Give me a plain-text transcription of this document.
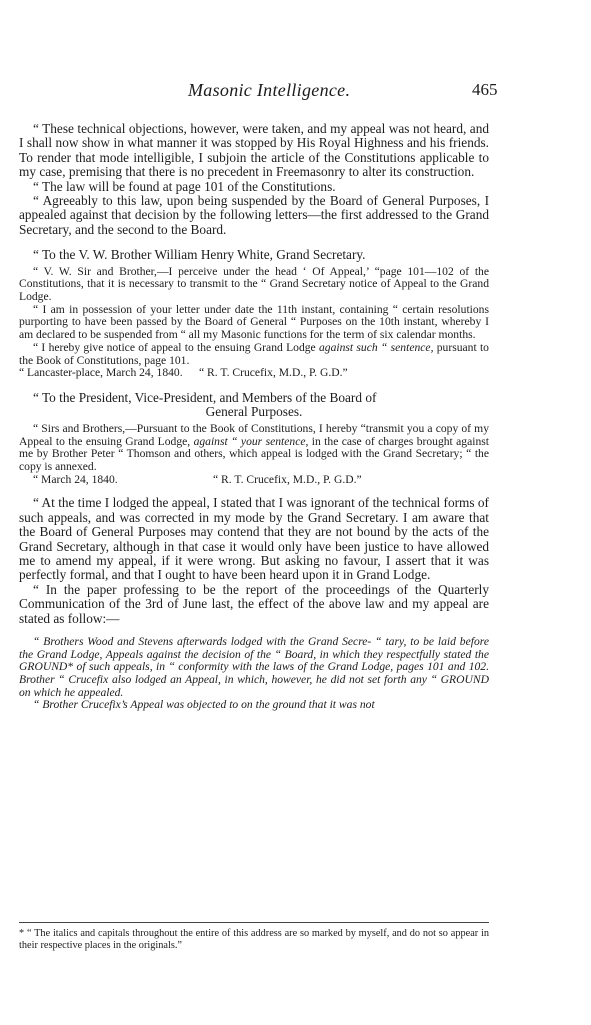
Masonic Intelligence.	465

“ These technical objections, however, were taken, and my appeal was not heard, and I shall now show in what manner it was stopped by His Royal Highness and his friends. To render that mode intelligible, I subjoin the article of the Constitutions applicable to my case, premising that there is no precedent in Freemasonry to alter its construction.

“ The law will be found at page 101 of the Constitutions.

“ Agreeably to this law, upon being suspended by the Board of General Purposes, I appealed against that decision by the following letters—the first addressed to the Grand Secretary, and the second to the Board.

“ To the V. W. Brother William Henry White, Grand Secretary.

“ V. W. Sir and Brother,—I perceive under the head ‘ Of Appeal,’ “page 101—102 of the Constitutions, that it is necessary to transmit to the “ Grand Secretary notice of Appeal to the Grand Lodge.

“ I am in possession of your letter under date the 11th instant, containing “ certain resolutions purporting to have been passed by the Board of General “ Purposes on the 10th instant, whereby I am declared to be suspended from “ all my Masonic functions for the term of six calendar months.

“ I hereby give notice of appeal to the ensuing Grand Lodge against such “ sentence, pursuant to the Book of Constitutions, page 101.

“ Lancaster-place, March 24, 1840. “ R. T. Crucefix, M.D., P. G.D.”

“ To the President, Vice-President, and Members of the Board of

General Purposes.

“ Sirs and Brothers,—Pursuant to the Book of Constitutions, I hereby “transmit you a copy of my Appeal to the ensuing Grand Lodge, against “ your sentence, in the case of charges brought against me by Brother Peter “ Thomson and others, which appeal is lodged with the Grand Secretary; “ the copy is annexed.

“ March 24, 1840.	“ R. T. Crucefix, M.D., P. G.D.”

“ At the time I lodged the appeal, I stated that I was ignorant of the technical forms of such appeals, and was corrected in my mode by the Grand Secretary. I am aware that the Board of General Purposes may contend that they are not bound by the acts of the Grand Secretary, although in that case it would only have been justice to have allowed me to amend my appeal, if it were wrong. But asking no favour, I assert that it was perfectly formal, and that I ought to have been heard upon it in Grand Lodge.

“ In the paper professing to be the report of the proceedings of the Quarterly Communication of the 3rd of June last, the effect of the above law and my appeal are stated as follow:—

“ Brothers Wood and Stevens afterwards lodged with the Grand Secre- “ tary, to be laid before the Grand Lodge, Appeals against the decision of the “ Board, in which they respectfully stated the GROUND* of such appeals, in “ conformity with the laws of the Grand Lodge, pages 101 and 102. Brother “ Crucefix also lodged an Appeal, in which, however, he did not set forth any “ GROUND on which he appealed.

“ Brother Crucefix’s Appeal was objected to on the ground that it was not

* “ The italics and capitals throughout the entire of this address are so marked by myself, and do not so appear in their respective places in the originals.”
